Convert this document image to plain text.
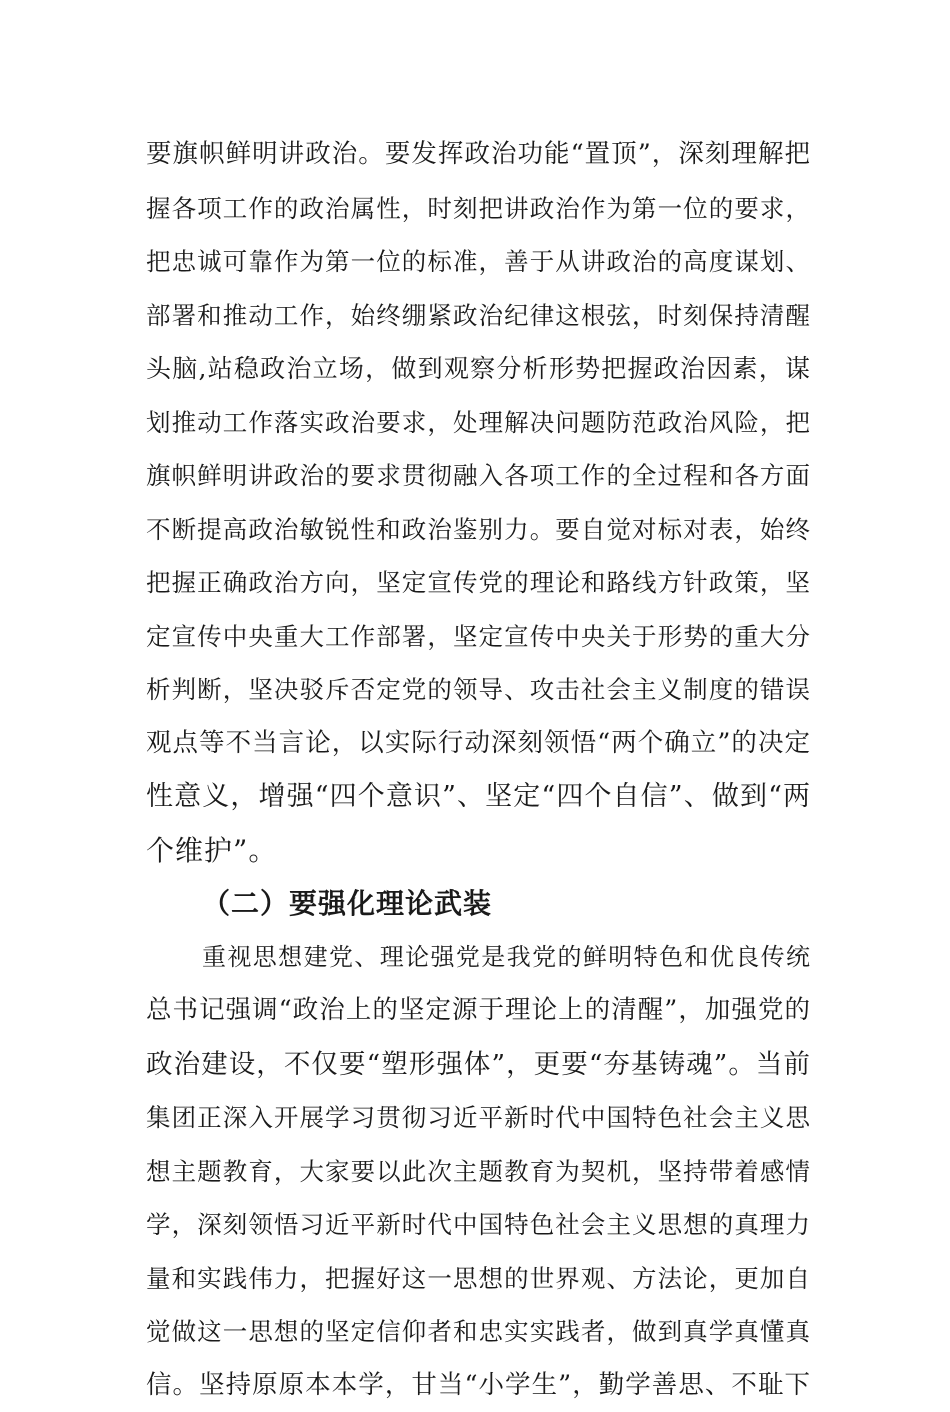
要旗帜鲜明讲政治。要发挥政治功能“置顶”，深刻理解把
握各项工作的政治属性，时刻把讲政治作为第一位的要求，
把忠诚可靠作为第一位的标准，善于从讲政治的高度谋划、
部署和推动工作，始终绷紧政治纪律这根弦，时刻保持清醒
头脑,站稳政治立场，做到观察分析形势把握政治因素，谋
划推动工作落实政治要求，处理解决问题防范政治风险，把
旗帜鲜明讲政治的要求贯彻融入各项工作的全过程和各方面
不断提高政治敏锐性和政治鉴别力。要自觉对标对表，始终
把握正确政治方向，坚定宣传党的理论和路线方针政策，坚
定宣传中央重大工作部署，坚定宣传中央关于形势的重大分
析判断，坚决驳斥否定党的领导、攻击社会主义制度的错误
观点等不当言论，以实际行动深刻领悟“两个确立”的决定
性意义，增强“四个意识”、坚定“四个自信”、做到“两
个维护”。
（二）要强化理论武装
重视思想建党、理论强党是我党的鲜明特色和优良传统
总书记强调“政治上的坚定源于理论上的清醒”，加强党的
政治建设，不仅要“塑形强体”，更要“夯基铸魂”。当前
集团正深入开展学习贯彻习近平新时代中国特色社会主义思
想主题教育，大家要以此次主题教育为契机，坚持带着感情
学，深刻领悟习近平新时代中国特色社会主义思想的真理力
量和实践伟力，把握好这一思想的世界观、方法论，更加自
觉做这一思想的坚定信仰者和忠实实践者，做到真学真懂真
信。坚持原原本本学，甘当“小学生”，勤学善思、不耻下
